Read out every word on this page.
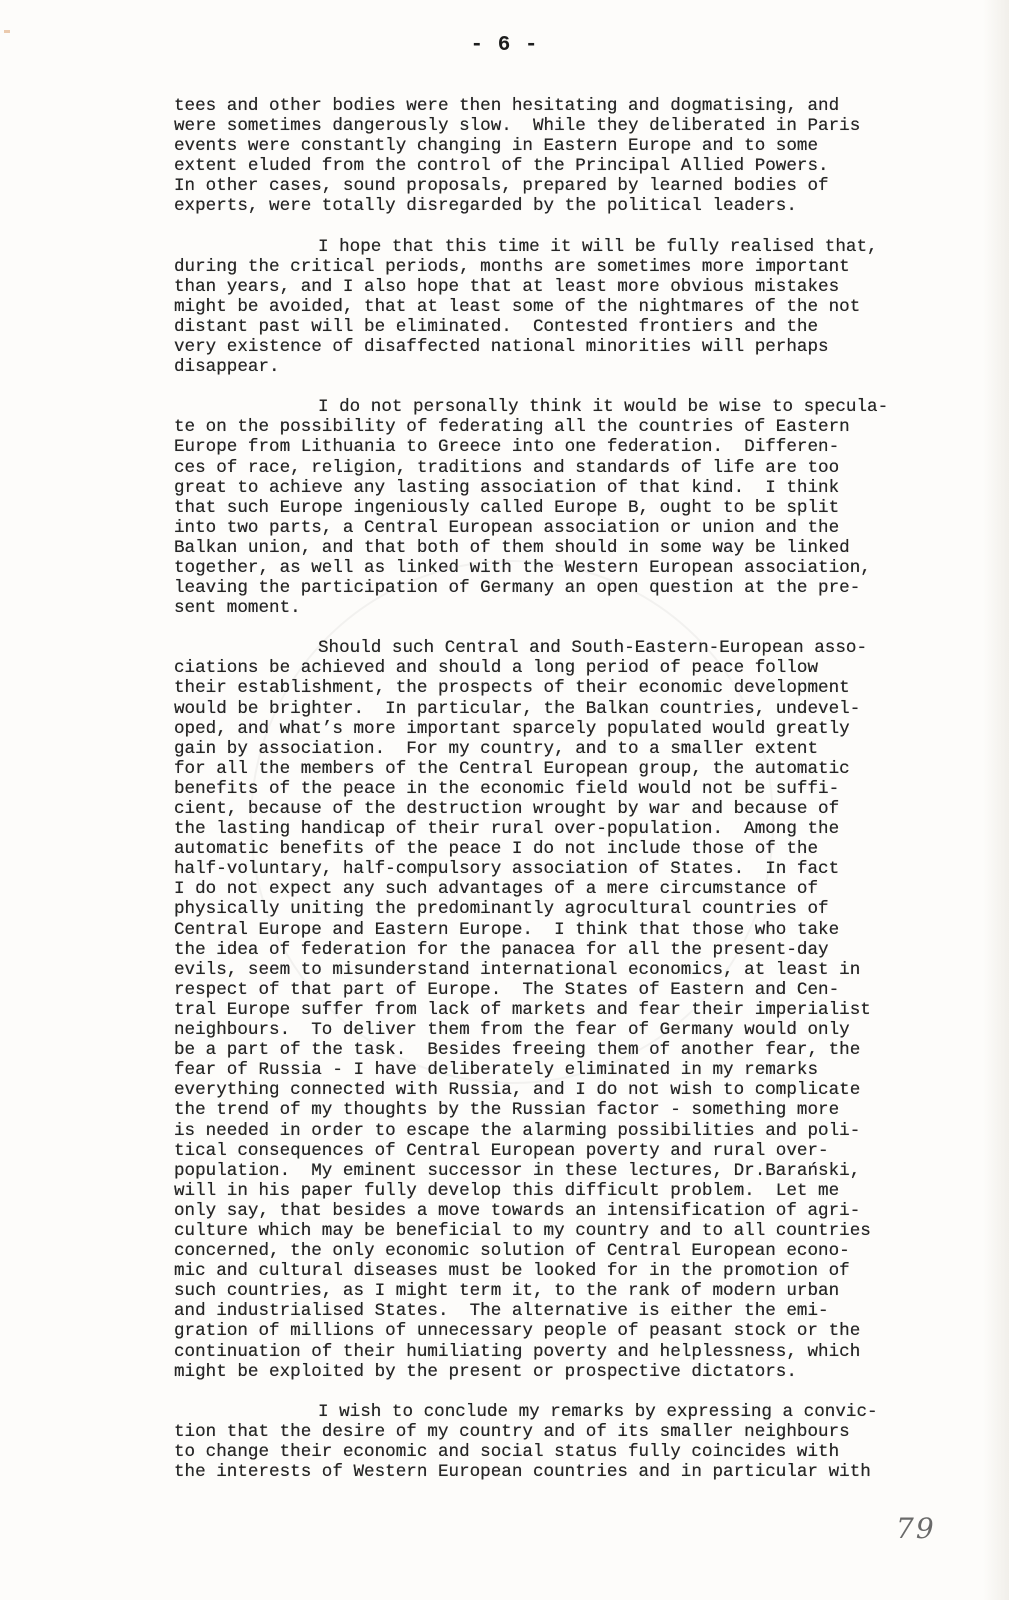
- 6 -
tees and other bodies were then hesitating and dogmatising, and
were sometimes dangerously slow.  While they deliberated in Paris
events were constantly changing in Eastern Europe and to some
extent eluded from the control of the Principal Allied Powers.
In other cases, sound proposals, prepared by learned bodies of
experts, were totally disregarded by the political leaders.
I hope that this time it will be fully realised that,
during the critical periods, months are sometimes more important
than years, and I also hope that at least more obvious mistakes
might be avoided, that at least some of the nightmares of the not
distant past will be eliminated.  Contested frontiers and the
very existence of disaffected national minorities will perhaps
disappear.
I do not personally think it would be wise to specula-
te on the possibility of federating all the countries of Eastern
Europe from Lithuania to Greece into one federation.  Differen-
ces of race, religion, traditions and standards of life are too
great to achieve any lasting association of that kind.  I think
that such Europe ingeniously called Europe B, ought to be split
into two parts, a Central European association or union and the
Balkan union, and that both of them should in some way be linked
together, as well as linked with the Western European association,
leaving the participation of Germany an open question at the pre-
sent moment.
Should such Central and South-Eastern-European asso-
ciations be achieved and should a long period of peace follow
their establishment, the prospects of their economic development
would be brighter.  In particular, the Balkan countries, undevel-
oped, and what’s more important sparcely populated would greatly
gain by association.  For my country, and to a smaller extent
for all the members of the Central European group, the automatic
benefits of the peace in the economic field would not be suffi-
cient, because of the destruction wrought by war and because of
the lasting handicap of their rural over-population.  Among the
automatic benefits of the peace I do not include those of the
half-voluntary, half-compulsory association of States.  In fact
I do not expect any such advantages of a mere circumstance of
physically uniting the predominantly agrocultural countries of
Central Europe and Eastern Europe.  I think that those who take
the idea of federation for the panacea for all the present-day
evils, seem to misunderstand international economics, at least in
respect of that part of Europe.  The States of Eastern and Cen-
tral Europe suffer from lack of markets and fear their imperialist
neighbours.  To deliver them from the fear of Germany would only
be a part of the task.  Besides freeing them of another fear, the
fear of Russia - I have deliberately eliminated in my remarks
everything connected with Russia, and I do not wish to complicate
the trend of my thoughts by the Russian factor - something more
is needed in order to escape the alarming possibilities and poli-
tical consequences of Central European poverty and rural over-
population.  My eminent successor in these lectures, Dr.Barański,
will in his paper fully develop this difficult problem.  Let me
only say, that besides a move towards an intensification of agri-
culture which may be beneficial to my country and to all countries
concerned, the only economic solution of Central European econo-
mic and cultural diseases must be looked for in the promotion of
such countries, as I might term it, to the rank of modern urban
and industrialised States.  The alternative is either the emi-
gration of millions of unnecessary people of peasant stock or the
continuation of their humiliating poverty and helplessness, which
might be exploited by the present or prospective dictators.
I wish to conclude my remarks by expressing a convic-
tion that the desire of my country and of its smaller neighbours
to change their economic and social status fully coincides with
the interests of Western European countries and in particular with
79
